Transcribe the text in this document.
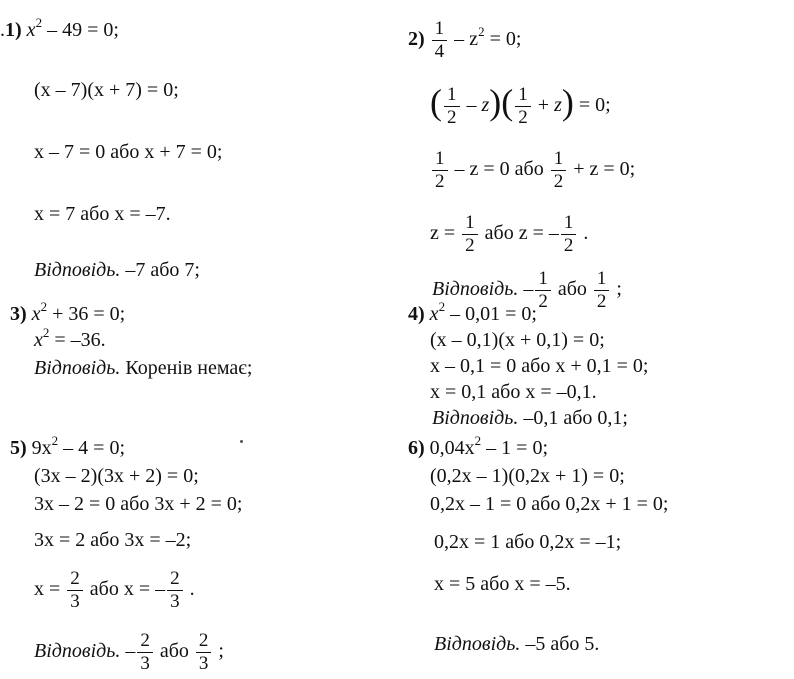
.1) $x^2 - 49 = 0$;
(x – 7)(x + 7) = 0;
x – 7 = 0 або x + 7 = 0;
x = 7 або x = –7.
Відповідь. –7 або 7;
$2) \frac{1}{4} - z^2 = 0$;
( $\frac{1}{2} - z)( \frac{1}{2} + z) = 0$;
$\frac{1}{2} - z = 0$ або $\frac{1}{2} + z = 0$;
$z = \frac{1}{2}$ або z = – $\frac{1}{2}$ .
Відповідь. – $\frac{1}{2}$ або $\frac{1}{2}$ ;
3) $x^2 + 36 = 0$;
$x^2 = -36$.
Відповідь. Коренів немає;
4) $x^2 - 0,01 = 0$;
(x – 0,1)(x + 0,1) = 0;
x – 0,1 = 0 або x + 0,1 = 0;
x = 0,1 або x = –0,1.
Відповідь. –0,1 або 0,1;
5) $9x^2 - 4 = 0$;
(3x – 2)(3x + 2) = 0;
3x – 2 = 0 або 3x + 2 = 0;
3x = 2 або 3x = –2;
$x = \frac{2}{3}$ або x = – $\frac{2}{3}$ .
Відповідь. – $\frac{2}{3}$ або $\frac{2}{3}$ ;
6) $0,04x^2 - 1 = 0$;
(0,2x – 1)(0,2x + 1) = 0;
0,2x – 1 = 0 або 0,2x + 1 = 0;
0,2x = 1 або 0,2x = –1;
x = 5 або x = –5.
Відповідь. –5 або 5.
